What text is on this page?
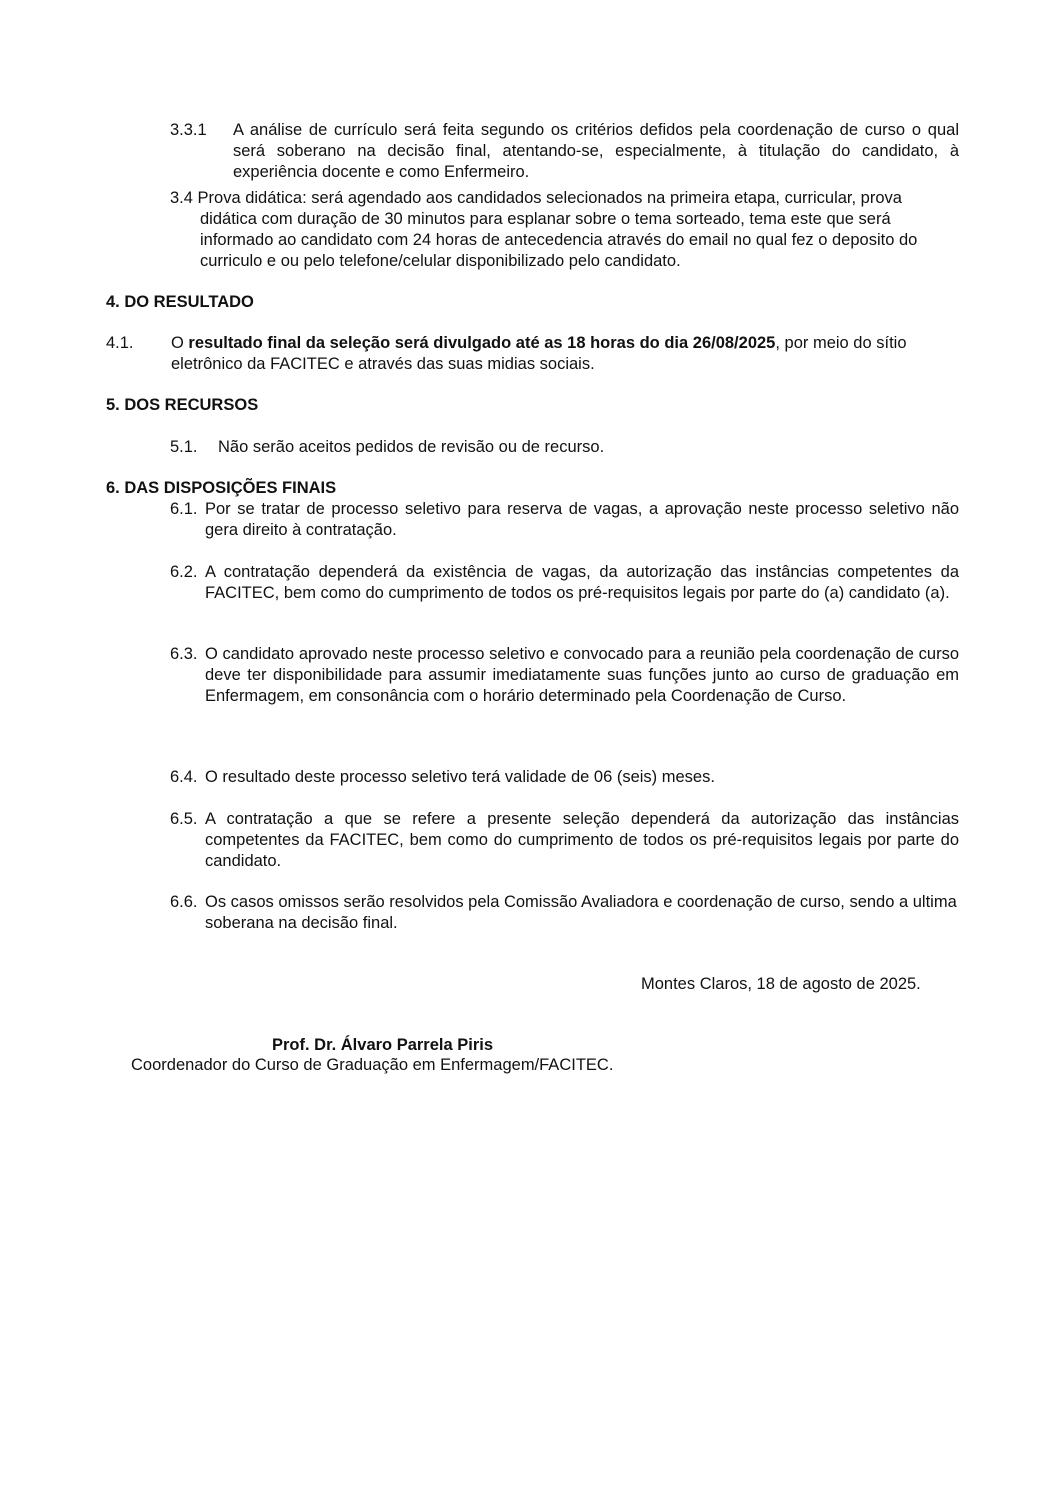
3.3.1 A análise de currículo será feita segundo os critérios defidos pela coordenação de curso o qual será soberano na decisão final, atentando-se, especialmente, à titulação do candidato, à experiência docente e como Enfermeiro.
3.4 Prova didática: será agendado aos candidados selecionados na primeira etapa, curricular, prova didática com duração de 30 minutos para esplanar sobre o tema sorteado, tema este que será informado ao candidato com 24 horas de antecedencia através do email no qual fez o deposito do curriculo e ou pelo telefone/celular disponibilizado pelo candidato.
4. DO RESULTADO
4.1. O resultado final da seleção será divulgado até as 18 horas do dia 26/08/2025, por meio do sítio eletrônico da FACITEC e através das suas midias sociais.
5. DOS RECURSOS
5.1. Não serão aceitos pedidos de revisão ou de recurso.
6. DAS DISPOSIÇÕES FINAIS
6.1. Por se tratar de processo seletivo para reserva de vagas, a aprovação neste processo seletivo não gera direito à contratação.
6.2. A contratação dependerá da existência de vagas, da autorização das instâncias competentes da FACITEC, bem como do cumprimento de todos os pré-requisitos legais por parte do (a) candidato (a).
6.3. O candidato aprovado neste processo seletivo e convocado para a reunião pela coordenação de curso deve ter disponibilidade para assumir imediatamente suas funções junto ao curso de graduação em Enfermagem, em consonância com o horário determinado pela Coordenação de Curso.
6.4. O resultado deste processo seletivo terá validade de 06 (seis) meses.
6.5. A contratação a que se refere a presente seleção dependerá da autorização das instâncias competentes da FACITEC, bem como do cumprimento de todos os pré-requisitos legais por parte do candidato.
6.6. Os casos omissos serão resolvidos pela Comissão Avaliadora e coordenação de curso, sendo a ultima soberana na decisão final.
Montes Claros, 18 de agosto de 2025.
Prof. Dr. Álvaro Parrela Piris
Coordenador do Curso de Graduação em Enfermagem/FACITEC.
